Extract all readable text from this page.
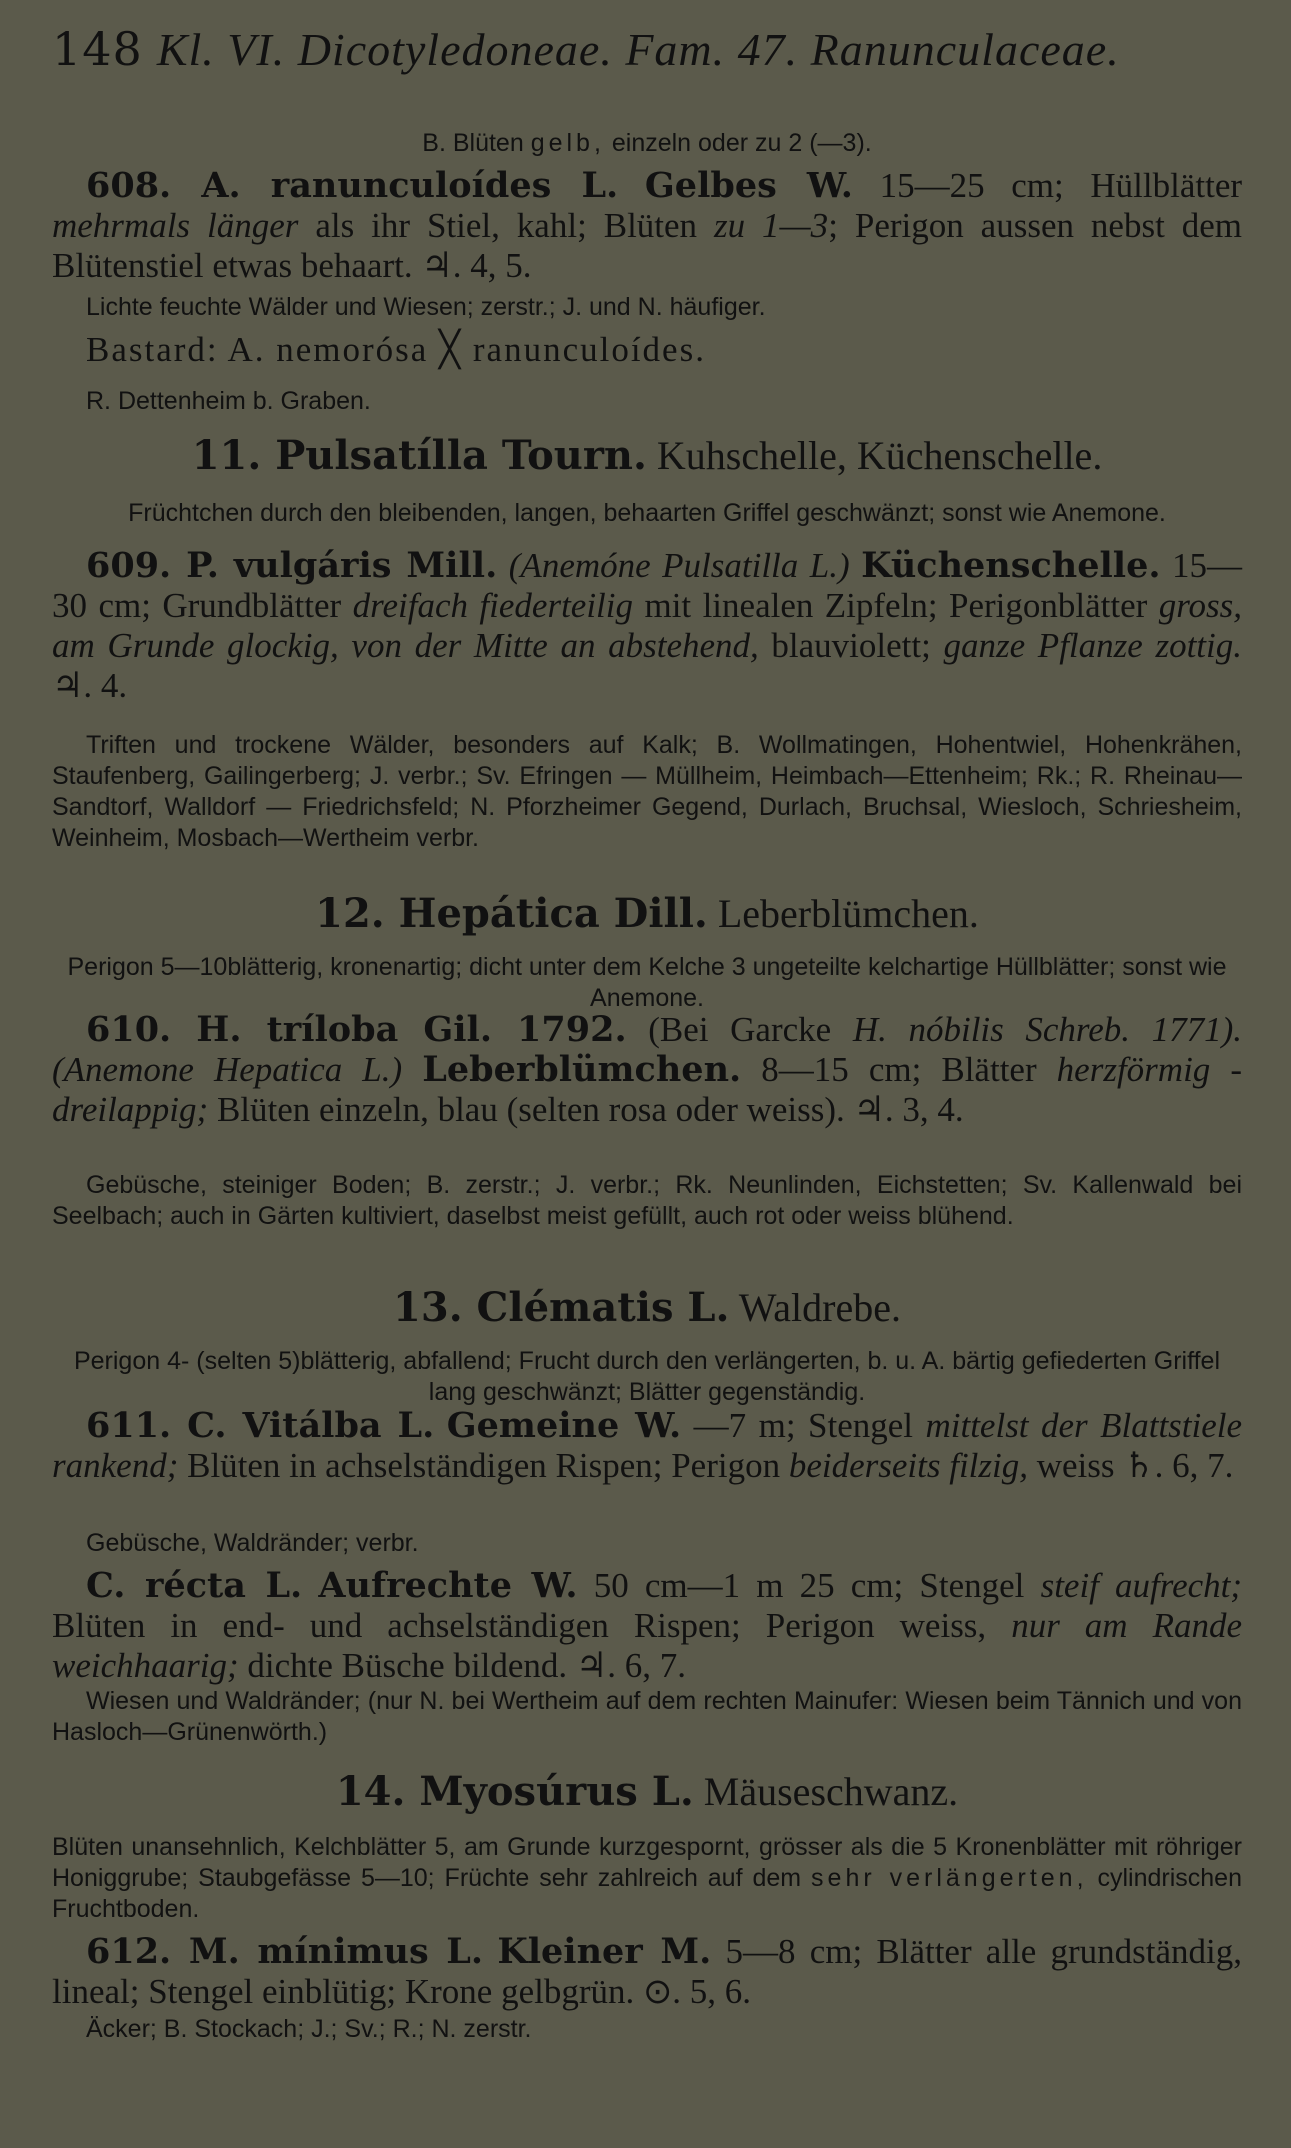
148 Kl. VI. Dicotyledoneae. Fam. 47. Ranunculaceae.
B. Blüten gelb, einzeln oder zu 2 (—3).
608. A. ranunculoídes L. Gelbes W. 15—25 cm; Hüllblätter mehrmals länger als ihr Stiel, kahl; Blüten zu 1—3; Perigon aussen nebst dem Blütenstiel etwas behaart. ♃. 4, 5.
Lichte feuchte Wälder und Wiesen; zerstr.; J. und N. häufiger.
Bastard: A. nemorósa ╳ ranunculoídes.
R. Dettenheim b. Graben.
11. Pulsatílla Tourn. Kuhschelle, Küchenschelle.
Früchtchen durch den bleibenden, langen, behaarten Griffel geschwänzt; sonst wie Anemone.
609. P. vulgáris Mill. (Anemóne Pulsatilla L.) Küchenschelle. 15—30 cm; Grundblätter dreifach fiederteilig mit linealen Zipfeln; Perigonblätter gross, am Grunde glockig, von der Mitte an abstehend, blauviolett; ganze Pflanze zottig. ♃. 4.
Triften und trockene Wälder, besonders auf Kalk; B. Wollmatingen, Hohentwiel, Hohenkrähen, Staufenberg, Gailingerberg; J. verbr.; Sv. Efringen — Müllheim, Heimbach—Ettenheim; Rk.; R. Rheinau—Sandtorf, Walldorf — Friedrichsfeld; N. Pforzheimer Gegend, Durlach, Bruchsal, Wiesloch, Schriesheim, Weinheim, Mosbach—Wertheim verbr.
12. Hepática Dill. Leberblümchen.
Perigon 5—10blätterig, kronenartig; dicht unter dem Kelche 3 ungeteilte kelchartige Hüllblätter; sonst wie Anemone.
610. H. tríloba Gil. 1792. (Bei Garcke H. nóbilis Schreb. 1771). (Anemone Hepatica L.) Leberblümchen. 8—15 cm; Blätter herzförmig - dreilappig; Blüten einzeln, blau (selten rosa oder weiss). ♃. 3, 4.
Gebüsche, steiniger Boden; B. zerstr.; J. verbr.; Rk. Neunlinden, Eichstetten; Sv. Kallenwald bei Seelbach; auch in Gärten kultiviert, daselbst meist gefüllt, auch rot oder weiss blühend.
13. Clématis L. Waldrebe.
Perigon 4- (selten 5)blätterig, abfallend; Frucht durch den verlängerten, b. u. A. bärtig gefiederten Griffel lang geschwänzt; Blätter gegenständig.
611. C. Vitálba L. Gemeine W. —7 m; Stengel mittelst der Blattstiele rankend; Blüten in achselständigen Rispen; Perigon beiderseits filzig, weiss ♄. 6, 7.
Gebüsche, Waldränder; verbr.
C. récta L. Aufrechte W. 50 cm—1 m 25 cm; Stengel steif aufrecht; Blüten in end- und achselständigen Rispen; Perigon weiss, nur am Rande weichhaarig; dichte Büsche bildend. ♃. 6, 7.
Wiesen und Waldränder; (nur N. bei Wertheim auf dem rechten Mainufer: Wiesen beim Tännich und von Hasloch—Grünenwörth.)
14. Myosúrus L. Mäuseschwanz.
Blüten unansehnlich, Kelchblätter 5, am Grunde kurzgespornt, grösser als die 5 Kronenblätter mit röhriger Honiggrube; Staubgefässe 5—10; Früchte sehr zahlreich auf dem sehr verlängerten, cylindrischen Fruchtboden.
612. M. mínimus L. Kleiner M. 5—8 cm; Blätter alle grundständig, lineal; Stengel einblütig; Krone gelbgrün. ⊙. 5, 6.
Äcker; B. Stockach; J.; Sv.; R.; N. zerstr.
